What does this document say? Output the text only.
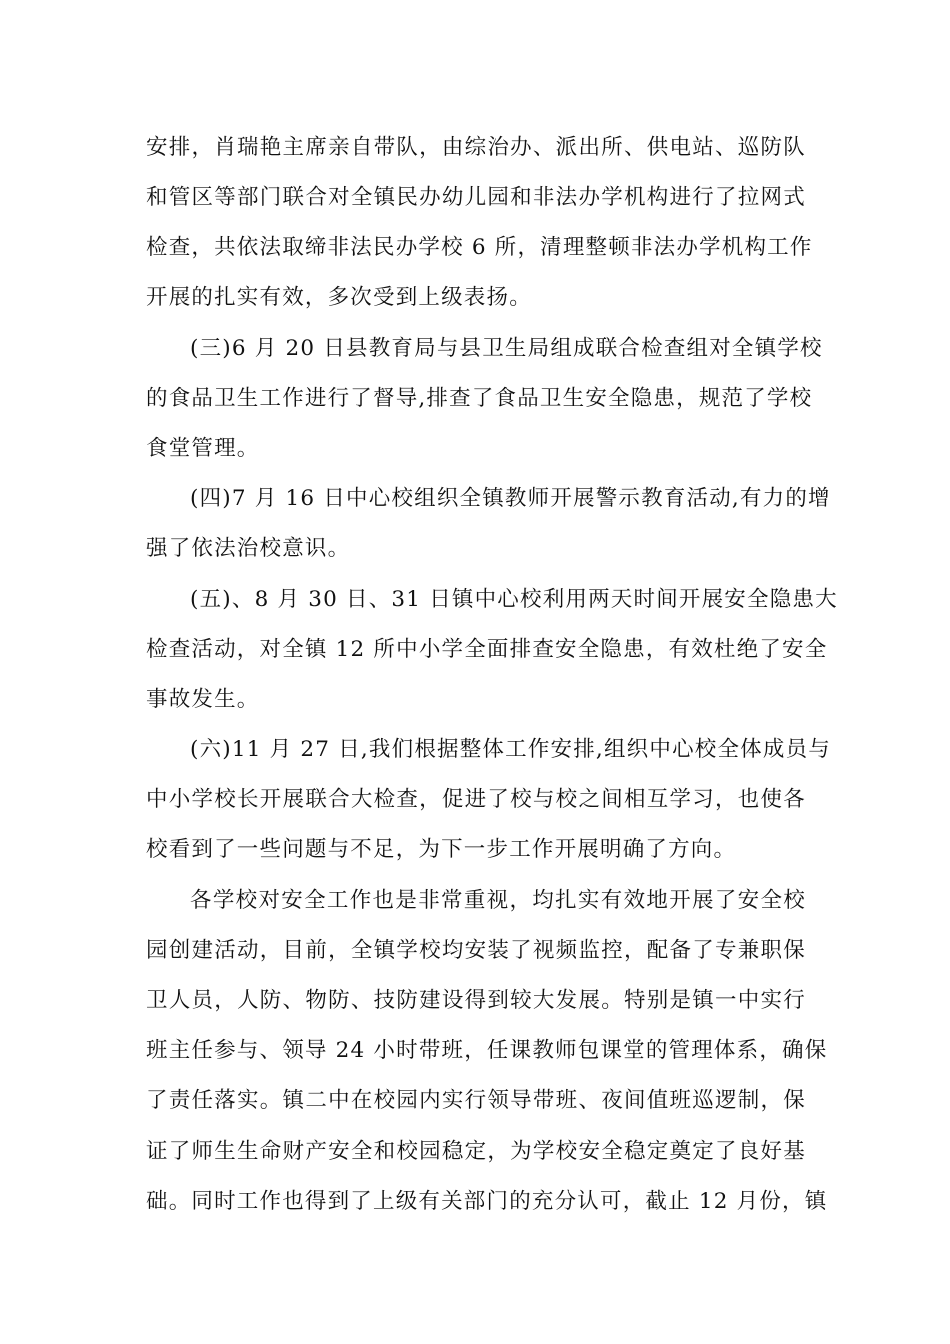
安排，肖瑞艳主席亲自带队，由综治办、派出所、供电站、巡防队
和管区等部门联合对全镇民办幼儿园和非法办学机构进行了拉网式
检查，共依法取缔非法民办学校 6 所，清理整顿非法办学机构工作
开展的扎实有效，多次受到上级表扬。
(三)6 月 20 日县教育局与县卫生局组成联合检查组对全镇学校
的食品卫生工作进行了督导,排查了食品卫生安全隐患，规范了学校
食堂管理。
(四)7 月 16 日中心校组织全镇教师开展警示教育活动,有力的增
强了依法治校意识。
(五)、8 月 30 日、31 日镇中心校利用两天时间开展安全隐患大
检查活动，对全镇 12 所中小学全面排查安全隐患，有效杜绝了安全
事故发生。
(六)11 月 27 日,我们根据整体工作安排,组织中心校全体成员与
中小学校长开展联合大检查，促进了校与校之间相互学习，也使各
校看到了一些问题与不足，为下一步工作开展明确了方向。
各学校对安全工作也是非常重视，均扎实有效地开展了安全校
园创建活动，目前，全镇学校均安装了视频监控，配备了专兼职保
卫人员，人防、物防、技防建设得到较大发展。特别是镇一中实行
班主任参与、领导 24 小时带班，任课教师包课堂的管理体系，确保
了责任落实。镇二中在校园内实行领导带班、夜间值班巡逻制，保
证了师生生命财产安全和校园稳定，为学校安全稳定奠定了良好基
础。同时工作也得到了上级有关部门的充分认可，截止 12 月份，镇
